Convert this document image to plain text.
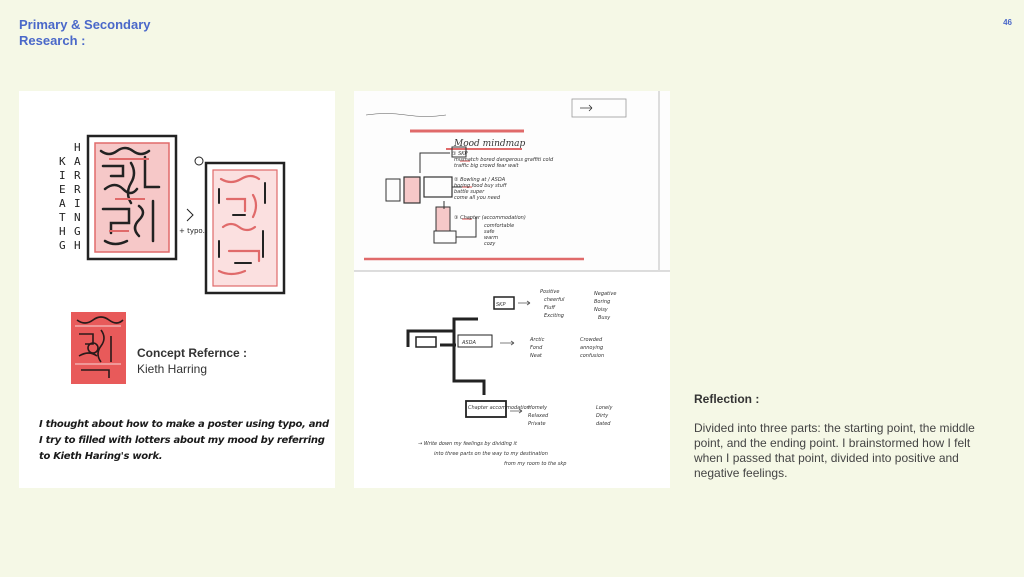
Primary & Secondary
Research :
46
K
I
E
A
T
H
G
H
A
R
R
I
N
G
H
+ typo.
Concept Refernce :
Kieth Harring
I thought about how to make a poster using typo, and I try to filled with lotters about my mood by referring to Kieth Haring's work.
Mood mindmap
① SKP
mismatch bored dangerous graffiti cold
traffic big crowd fear wait
② Bowling at / ASDA
boring food buy stuff
battle super
come all you need
③ Chapter (accommodation)
comfortable
safe
warm
cozy
SKP
ASDA
Chapter accommodation
Positive
cheerful
Fluff
Exciting
Negative
Boring
Noisy
Busy
Arctic
Fond
Neat
Crowded
annoying
confusion
Homely
Relaxed
Private
Lonely
Dirty
dated
→ Write down my feelings by dividing it
into three parts on the way to my destination
from my room to the skp
Reflection :
Divided into three parts: the starting point, the middle point, and the ending point. I brainstormed how I felt when I passed that point, divided into positive and negative feelings.
